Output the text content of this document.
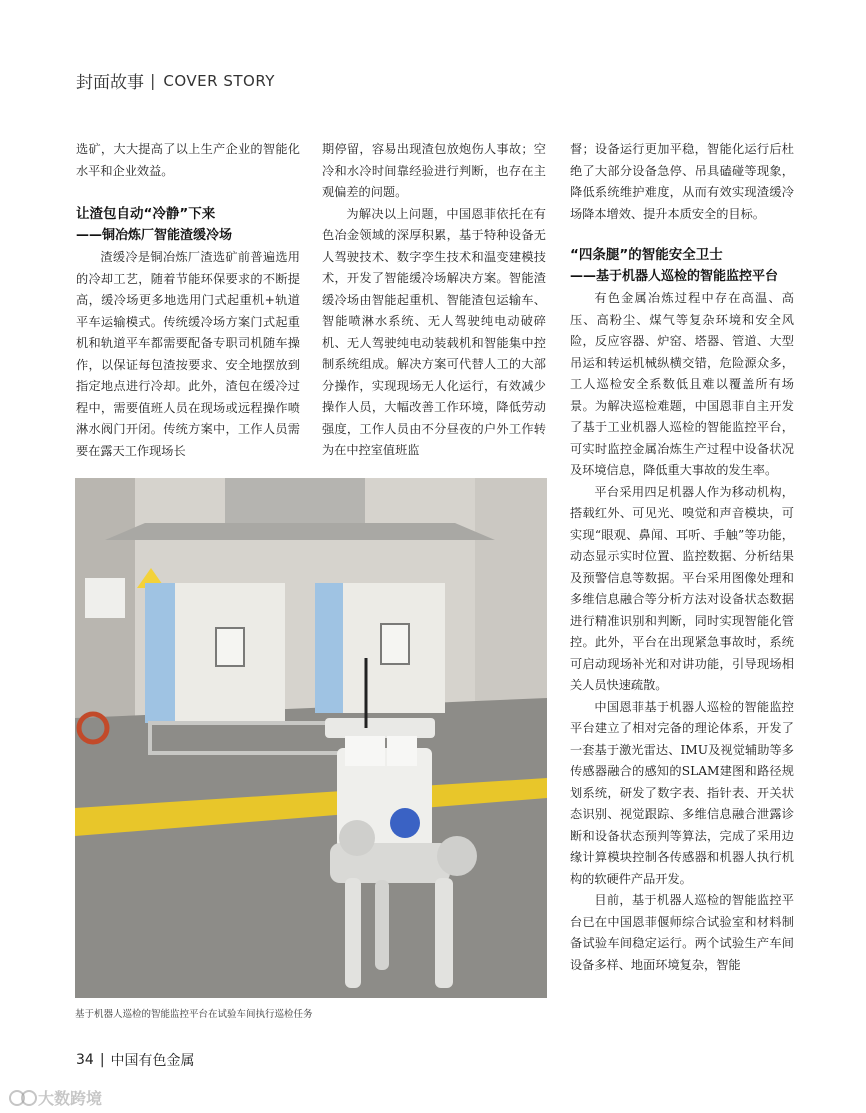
封面故事 | COVER STORY

选矿，大大提高了以上生产企业的智能化水平和企业效益。

让渣包自动“冷静”下来
——铜冶炼厂智能渣缓冷场

渣缓冷是铜冶炼厂渣选矿前普遍选用的冷却工艺，随着节能环保要求的不断提高，缓冷场更多地选用门式起重机+轨道平车运输模式。传统缓冷场方案门式起重机和轨道平车都需要配备专职司机随车操作，以保证每包渣按要求、安全地摆放到指定地点进行冷却。此外，渣包在缓冷过程中，需要值班人员在现场或远程操作喷淋水阀门开闭。传统方案中，工作人员需要在露天工作现场长

期停留，容易出现渣包放炮伤人事故；空冷和水冷时间靠经验进行判断，也存在主观偏差的问题。

为解决以上问题，中国恩菲依托在有色冶金领域的深厚积累，基于特种设备无人驾驶技术、数字孪生技术和温变建模技术，开发了智能缓冷场解决方案。智能渣缓冷场由智能起重机、智能渣包运输车、智能喷淋水系统、无人驾驶纯电动破碎机、无人驾驶纯电动装载机和智能集中控制系统组成。解决方案可代替人工的大部分操作，实现现场无人化运行，有效减少操作人员，大幅改善工作环境，降低劳动强度，工作人员由不分昼夜的户外工作转为在中控室值班监

督；设备运行更加平稳，智能化运行后杜绝了大部分设备急停、吊具磕碰等现象，降低系统维护难度，从而有效实现渣缓冷场降本增效、提升本质安全的目标。

“四条腿”的智能安全卫士
——基于机器人巡检的智能监控平台

有色金属冶炼过程中存在高温、高压、高粉尘、煤气等复杂环境和安全风险，反应容器、炉窑、塔器、管道、大型吊运和转运机械纵横交错，危险源众多，工人巡检安全系数低且难以覆盖所有场景。为解决巡检难题，中国恩菲自主开发了基于工业机器人巡检的智能监控平台，可实时监控金属冶炼生产过程中设备状况及环境信息，降低重大事故的发生率。

平台采用四足机器人作为移动机构，搭载红外、可见光、嗅觉和声音模块，可实现“眼观、鼻闻、耳听、手触”等功能，动态显示实时位置、监控数据、分析结果及预警信息等数据。平台采用图像处理和多维信息融合等分析方法对设备状态数据进行精准识别和判断，同时实现智能化管控。此外，平台在出现紧急事故时，系统可启动现场补光和对讲功能，引导现场相关人员快速疏散。

中国恩菲基于机器人巡检的智能监控平台建立了相对完备的理论体系，开发了一套基于激光雷达、IMU及视觉辅助等多传感器融合的感知的SLAM建图和路径规划系统，研发了数字表、指针表、开关状态识别、视觉跟踪、多维信息融合泄露诊断和设备状态预判等算法，完成了采用边缘计算模块控制各传感器和机器人执行机构的软硬件产品开发。

目前，基于机器人巡检的智能监控平台已在中国恩菲偃师综合试验室和材料制备试验车间稳定运行。两个试验生产车间设备多样、地面环境复杂，智能

基于机器人巡检的智能监控平台在试验车间执行巡检任务
34 | 中国有色金属
大数跨境
